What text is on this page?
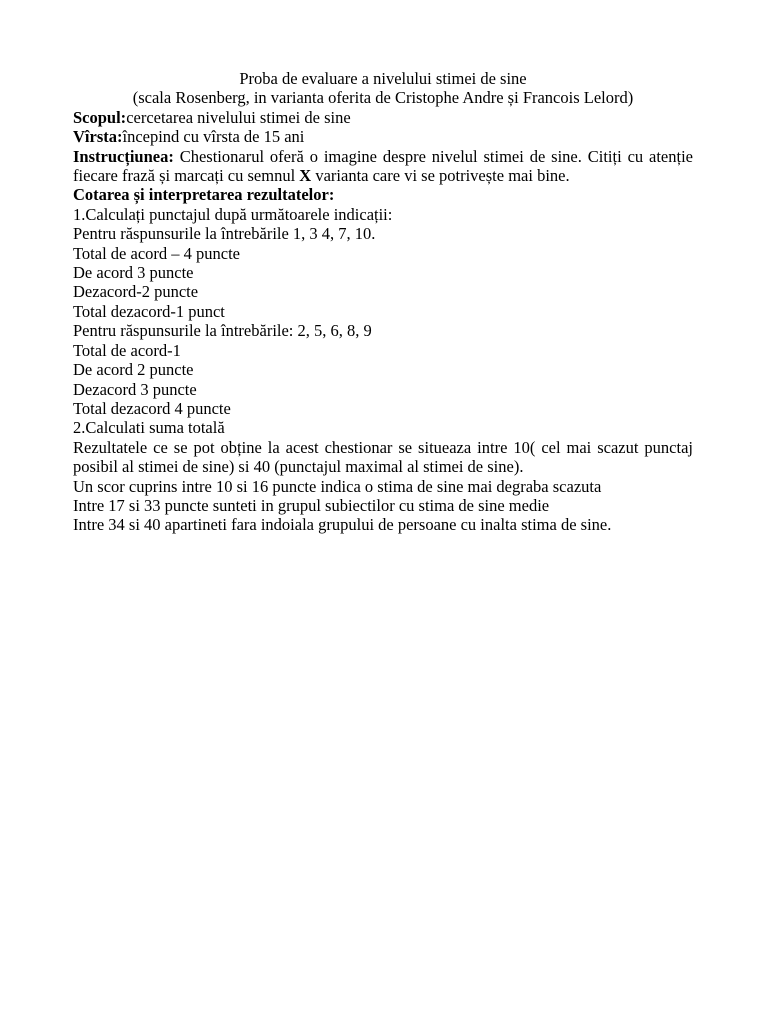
Proba de evaluare a nivelului stimei de sine
(scala Rosenberg, in varianta oferita de Cristophe Andre și Francois Lelord)
Scopul:cercetarea nivelului stimei de sine
Vîrsta:începind cu vîrsta de 15 ani
Instrucțiunea: Chestionarul oferă o imagine despre nivelul stimei de sine. Citiți cu atenție fiecare frază și marcați cu semnul X varianta care vi se potrivește mai bine.
Cotarea și interpretarea rezultatelor:
1.Calculați punctajul după următoarele indicații:
Pentru răspunsurile la întrebările 1, 3 4, 7, 10.
Total de acord – 4 puncte
De acord 3 puncte
Dezacord-2 puncte
Total dezacord-1 punct
Pentru răspunsurile la întrebările: 2, 5, 6, 8, 9
Total de acord-1
De acord 2 puncte
Dezacord 3 puncte
Total dezacord 4 puncte
2.Calculati suma totală
Rezultatele ce se pot obține la acest chestionar se situeaza intre 10( cel mai scazut punctaj posibil al stimei de sine) si 40 (punctajul maximal al stimei de sine).
Un scor cuprins intre 10 si 16 puncte indica o stima de sine mai degraba scazuta
Intre 17 si 33 puncte sunteti in grupul subiectilor cu stima de sine medie
Intre 34 si 40 apartineti fara indoiala grupului de persoane cu inalta stima de sine.
